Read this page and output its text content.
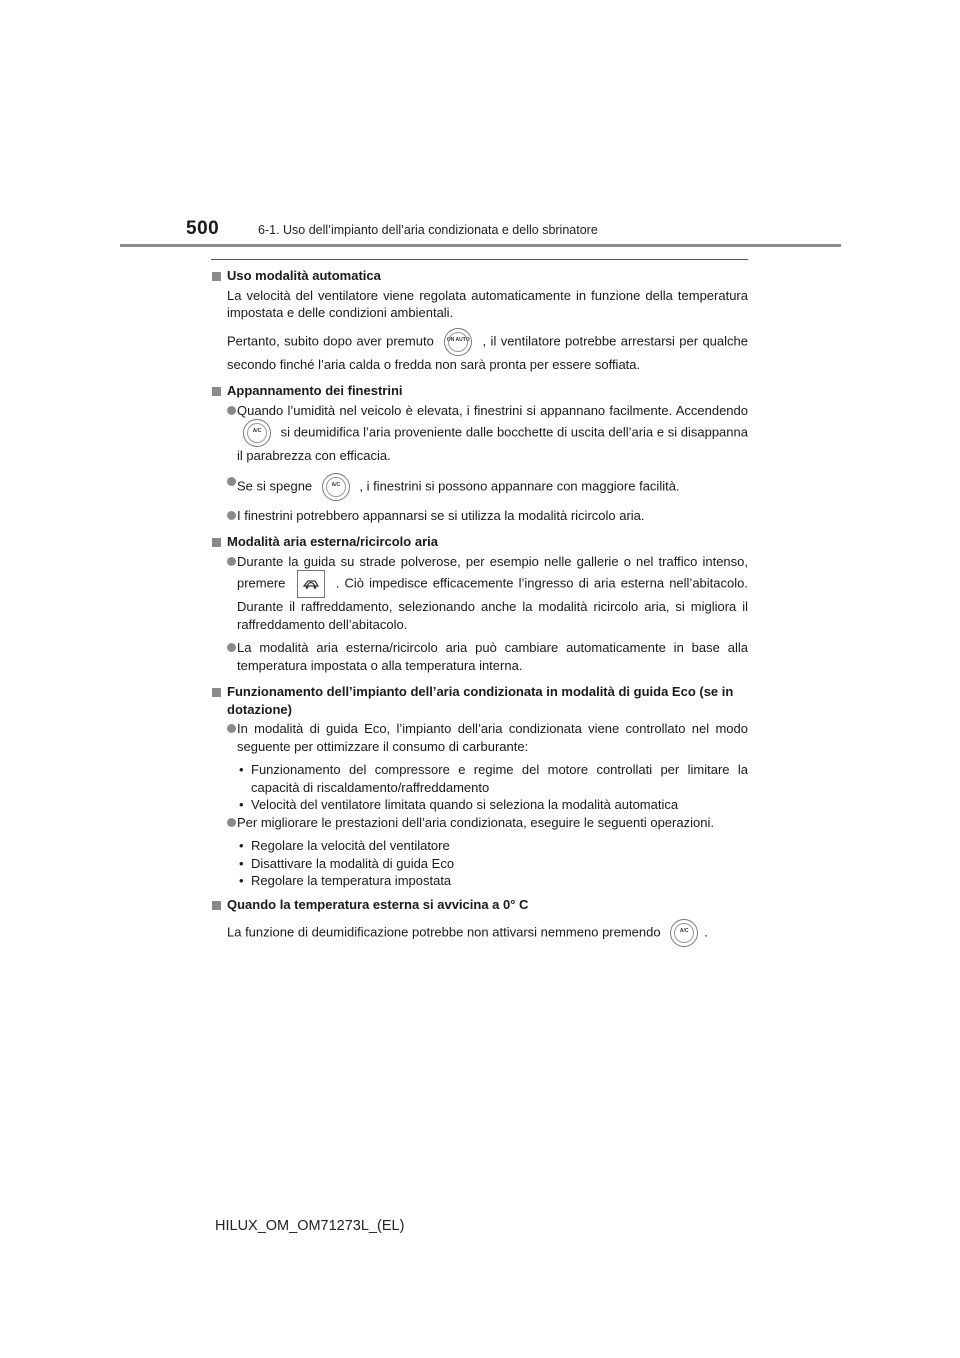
500	6-1. Uso dell’impianto dell’aria condizionata e dello sbrinatore
Uso modalità automatica

La velocità del ventilatore viene regolata automaticamente in funzione della temperatura impostata e delle condizioni ambientali.

Pertanto, subito dopo aver premuto	ON AUTO , il ventilatore potrebbe arrestarsi per qualche secondo finché l’aria calda o fredda non sarà pronta per essere soffiata.

Appannamento dei finestrini

Quando l’umidità nel veicolo è elevata, i finestrini si appannano facilmente. Accendendo
A/C	si deumidifica l’aria proveniente dalle bocchette di uscita dell’aria e si disappanna il parabrezza con efficacia.

Se si spegne	A/C	, i finestrini si possono appannare con maggiore facilità.

I finestrini potrebbero appannarsi se si utilizza la modalità ricircolo aria.

Modalità aria esterna/ricircolo aria

Durante la guida su strade polverose, per esempio nelle gallerie o nel traffico intenso, premere	. Ciò impedisce efficacemente l’ingresso di aria esterna nell’abitacolo. Durante il raffreddamento, selezionando anche la modalità ricircolo aria, si migliora il raffreddamento dell’abitacolo.

La modalità aria esterna/ricircolo aria può cambiare automaticamente in base alla temperatura impostata o alla temperatura interna.

Funzionamento dell’impianto dell’aria condizionata in modalità di guida Eco (se in dotazione)

In modalità di guida Eco, l’impianto dell’aria condizionata viene controllato nel modo seguente per ottimizzare il consumo di carburante:

• Funzionamento del compressore e regime del motore controllati per limitare la capacità di riscaldamento/raffreddamento

• Velocità del ventilatore limitata quando si seleziona la modalità automatica

Per migliorare le prestazioni dell’aria condizionata, eseguire le seguenti operazioni.

• Regolare la velocità del ventilatore

• Disattivare la modalità di guida Eco

• Regolare la temperatura impostata

Quando la temperatura esterna si avvicina a 0° C

La funzione di deumidificazione potrebbe non attivarsi nemmeno premendo	A/C	.

HILUX_OM_OM71273L_(EL)
